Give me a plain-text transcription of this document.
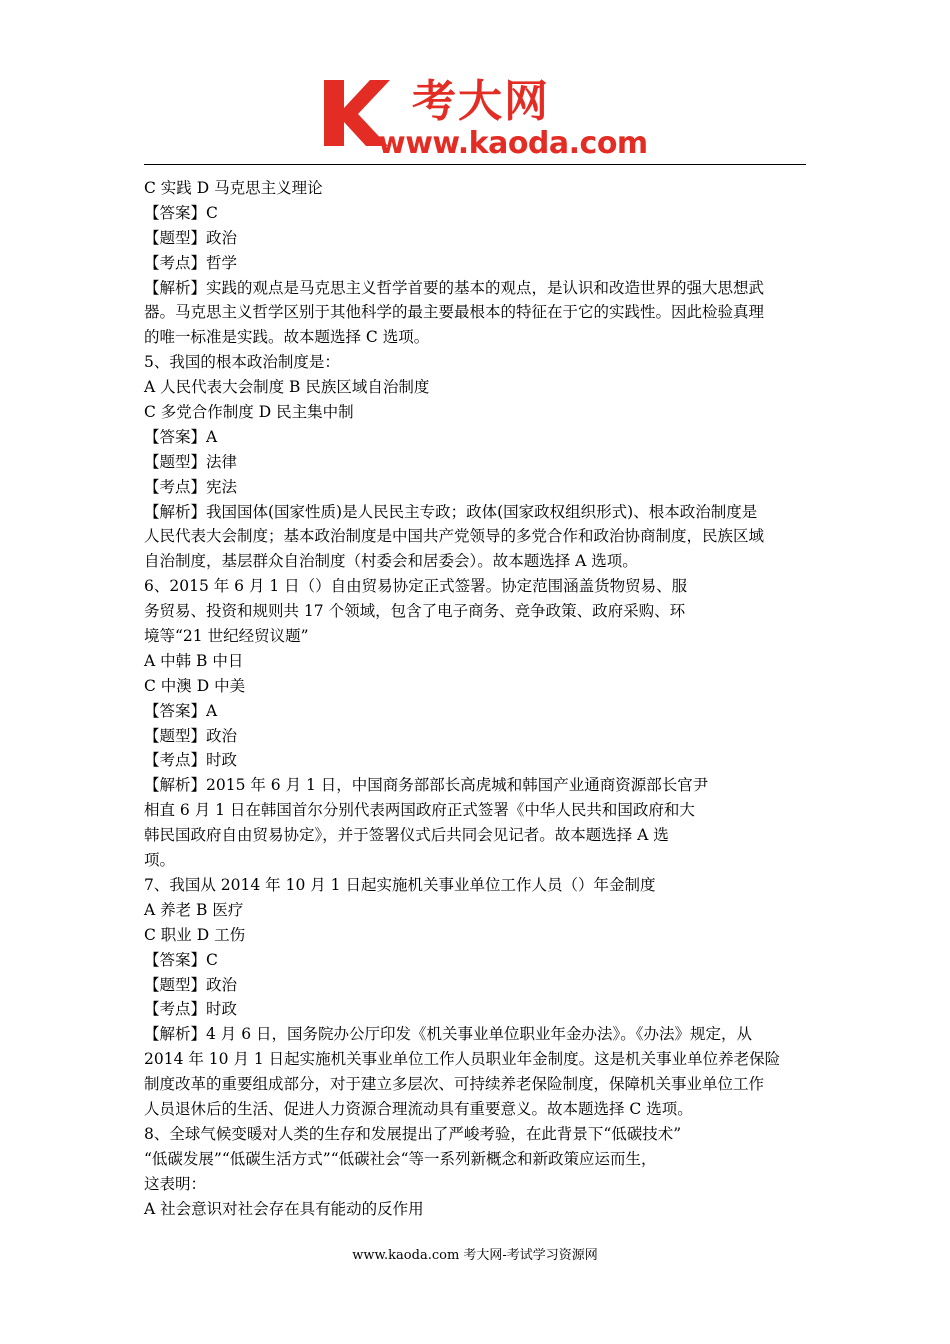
考大网
www.kaoda.com
C 实践 D 马克思主义理论
【答案】C
【题型】政治
【考点】哲学
【解析】实践的观点是马克思主义哲学首要的基本的观点，是认识和改造世界的强大思想武
器。马克思主义哲学区别于其他科学的最主要最根本的特征在于它的实践性。因此检验真理
的唯一标准是实践。故本题选择 C 选项。
5、我国的根本政治制度是：
A 人民代表大会制度 B 民族区域自治制度
C 多党合作制度 D 民主集中制
【答案】A
【题型】法律
【考点】宪法
【解析】我国国体(国家性质)是人民民主专政；政体(国家政权组织形式)、根本政治制度是
人民代表大会制度；基本政治制度是中国共产党领导的多党合作和政治协商制度，民族区域
自治制度，基层群众自治制度（村委会和居委会）。故本题选择 A 选项。
6、2015 年 6 月 1 日（）自由贸易协定正式签署。协定范围涵盖货物贸易、服
务贸易、投资和规则共 17 个领域，包含了电子商务、竞争政策、政府采购、环
境等“21 世纪经贸议题”
A 中韩 B 中日
C 中澳 D 中美
【答案】A
【题型】政治
【考点】时政
【解析】2015 年 6 月 1 日，中国商务部部长高虎城和韩国产业通商资源部长官尹
相直 6 月 1 日在韩国首尔分别代表两国政府正式签署《中华人民共和国政府和大
韩民国政府自由贸易协定》，并于签署仪式后共同会见记者。故本题选择 A 选
项。
7、我国从 2014 年 10 月 1 日起实施机关事业单位工作人员（）年金制度
A 养老 B 医疗
C 职业 D 工伤
【答案】C
【题型】政治
【考点】时政
【解析】4 月 6 日，国务院办公厅印发《机关事业单位职业年金办法》。《办法》规定，从
2014 年 10 月 1 日起实施机关事业单位工作人员职业年金制度。这是机关事业单位养老保险
制度改革的重要组成部分，对于建立多层次、可持续养老保险制度，保障机关事业单位工作
人员退休后的生活、促进人力资源合理流动具有重要意义。故本题选择 C 选项。
8、全球气候变暖对人类的生存和发展提出了严峻考验，在此背景下“低碳技术”
“低碳发展”“低碳生活方式”“低碳社会“等一系列新概念和新政策应运而生，
这表明：
A 社会意识对社会存在具有能动的反作用
www.kaoda.com 考大网-考试学习资源网
